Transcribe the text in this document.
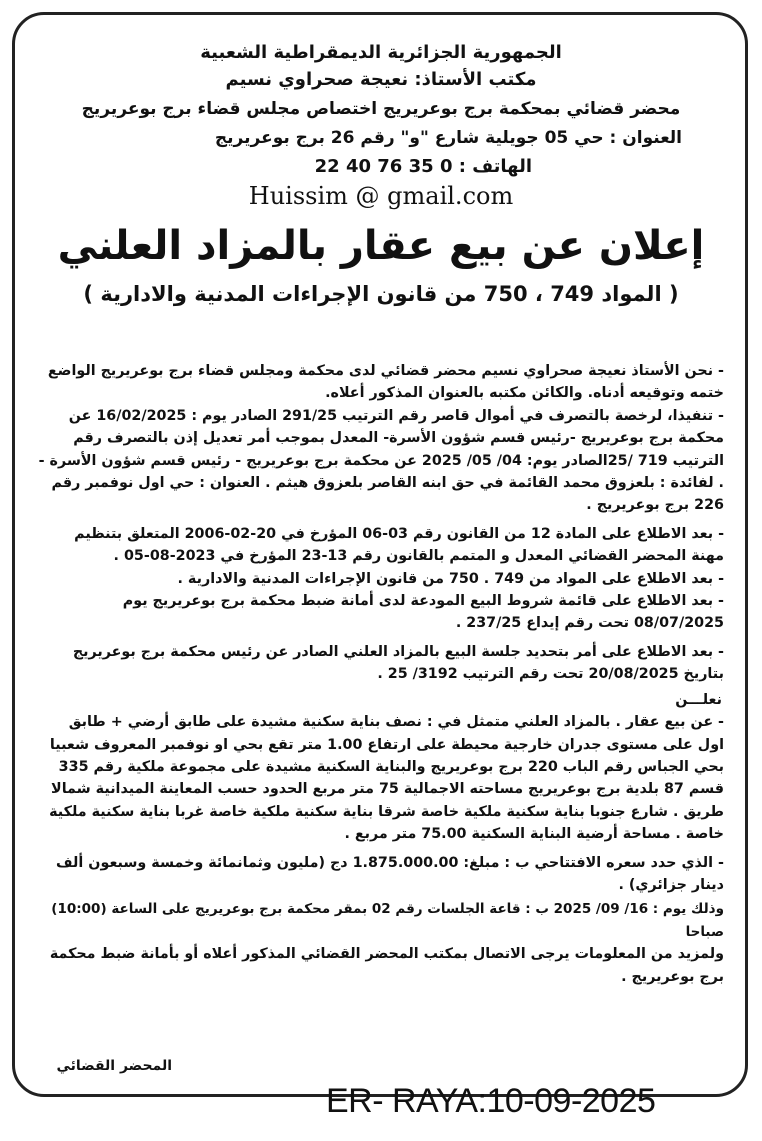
الجمهورية الجزائرية الديمقراطية الشعبية
مكتب الأستاذ: نعيجة صحراوي نسيم
محضر قضائي بمحكمة برج بوعريريج اختصاص مجلس قضاء برج بوعريريج
العنوان : حي 05 جويلية شارع "و" رقم 26 برج بوعريريج
الهاتف : 0 35 76 40 22
Huissim @ gmail.com
إعلان عن بيع عقار بالمزاد العلني
( المواد 749 ، 750 من قانون الإجراءات المدنية والادارية )

- نحن الأستاذ نعيجة صحراوي نسيم محضر قضائي لدى محكمة ومجلس قضاء برج بوعريريج الواضع ختمه وتوقيعه أدناه. والكائن مكتبه بالعنوان المذكور أعلاه.

- تنفيذا، لرخصة بالتصرف في أموال قاصر رقم الترتيب 291/25 الصادر يوم : 16/02/2025 عن محكمة برج بوعريريج -رئيس قسم شؤون الأسرة- المعدل بموجب أمر تعديل إذن بالتصرف رقم الترتيب 719 /25الصادر يوم: 04/ 05/ 2025 عن محكمة برج بوعريريج - رئيس قسم شؤون الأسرة - . لفائدة : بلعزوق محمد القائمة في حق ابنه القاصر بلعزوق هيثم . العنوان : حي اول نوفمبر رقم 226 برج بوعريريج .

- بعد الاطلاع على المادة 12 من القانون رقم 03-06 المؤرخ في 20-02-2006 المتعلق بتنظيم مهنة المحضر القضائي المعدل و المتمم بالقانون رقم 13-23 المؤرخ في 2023-08-05 .

- بعد الاطلاع على المواد من 749 . 750 من قانون الإجراءات المدنية والادارية .

- بعد الاطلاع على قائمة شروط البيع المودعة لدى أمانة ضبط محكمة برج بوعريريج يوم 08/07/2025 تحت رقم إيداع 237/25 .

- بعد الاطلاع على أمر بتحديد جلسة البيع بالمزاد العلني الصادر عن رئيس محكمة برج بوعريريج بتاريخ 20/08/2025 تحت رقم الترتيب 3192/ 25 .

نعلـــن

- عن بيع عقار . بالمزاد العلني متمثل في : نصف بناية سكنية مشيدة على طابق أرضي + طابق اول على مستوى جدران خارجية محيطة على ارتفاع 1.00 متر تقع بحي او نوفمبر المعروف شعبيا بحي الجباس رقم الباب 220 برج بوعريريج والبناية السكنية مشيدة على مجموعة ملكية رقم 335 قسم 87 بلدية برج بوعريريج مساحته الاجمالية 75 متر مربع الحدود حسب المعاينة الميدانية شمالا طريق . شارع جنوبا بناية سكنية ملكية خاصة شرقا بناية سكنية ملكية خاصة غربا بناية سكنية ملكية خاصة . مساحة أرضية البناية السكنية 75.00 متر مربع .

- الذي حدد سعره الافتتاحي ب : مبلغ: 1.875.000.00 دج (مليون وثمانمائة وخمسة وسبعون ألف دينار جزائري) .

وذلك يوم : 16/ 09/ 2025 ب : قاعة الجلسات رقم 02 بمقر محكمة برج بوعريريج على الساعة (10:00) صباحا

ولمزيد من المعلومات يرجى الاتصال بمكتب المحضر القضائي المذكور أعلاه أو بأمانة ضبط محكمة برج بوعريريج .

المحضر القضائي
ER- RAYA:10-09-2025
